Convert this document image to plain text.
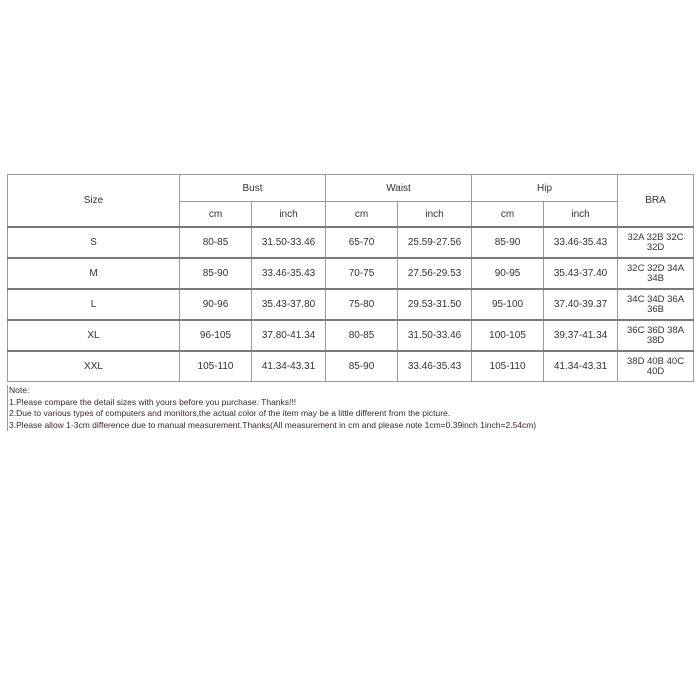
Size	Bust		Waist		Hip		BRA
	cm	inch	cm	inch	cm	inch	
S	80-85	31.50-33.46	65-70	25.59-27.56	85-90	33.46-35.43	32A 32B 32C 32D
M	85-90	33.46-35.43	70-75	27.56-29.53	90-95	35.43-37.40	32C 32D 34A 34B
L	90-96	35.43-37.80	75-80	29.53-31.50	95-100	37.40-39.37	34C 34D 36A 36B
XL	96-105	37.80-41.34	80-85	31.50-33.46	100-105	39.37-41.34	36C 36D 38A 38D
XXL	105-110	41.34-43.31	85-90	33.46-35.43	105-110	41.34-43.31	38D 40B 40C 40D
Note:
1.Please compare the detail sizes with yours before you purchase. Thanks!!!
2.Due to various types of computers and monitors,the actual color of the item may be a little different from the picture.
3.Please allow 1-3cm difference due to manual measurement.Thanks(All measurement in cm and please note 1cm=0.39inch 1inch=2.54cm)
